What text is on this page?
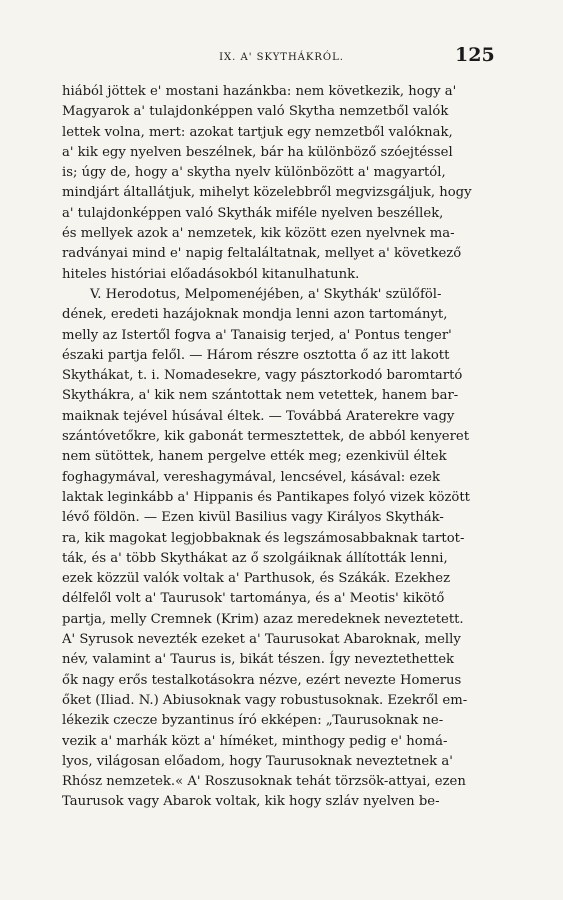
IX. A' SKYTHÁKRÓL.	125
hiából jöttek e' mostani hazánkba: nem következik, hogy a'
Magyarok a' tulajdonképpen való Skytha nemzetből valók
lettek volna, mert: azokat tartjuk egy nemzetből valóknak,
a' kik egy nyelven beszélnek, bár ha különböző szóejtéssel
is; úgy de, hogy a' skytha nyelv különbözött a' magyartól,
mindjárt általlátjuk, mihelyt közelebbről megvizsgáljuk, hogy
a' tulajdonképpen való Skythák miféle nyelven beszéllek,
és mellyek azok a' nemzetek, kik között ezen nyelvnek ma-
radványai mind e' napig feltaláltatnak, mellyet a' következő
hiteles históriai előadásokból kitanulhatunk.
V. Herodotus, Melpomenéjében, a' Skythák' szülőföl-
dének, eredeti hazájoknak mondja lenni azon tartományt,
melly az Istertől fogva a' Tanaisig terjed, a' Pontus tenger'
északi partja felől. — Három részre osztotta ő az itt lakott
Skythákat, t. i. Nomadesekre, vagy pásztorkodó baromtartó
Skythákra, a' kik nem szántottak nem vetettek, hanem bar-
maiknak tejével húsával éltek. — Továbbá Araterekre vagy
szántóvetőkre, kik gabonát termesztettek, de abból kenyeret
nem sütöttek, hanem pergelve ették meg; ezenkivül éltek
foghagymával, vereshagymával, lencsével, kásával: ezek
laktak leginkább a' Hippanis és Pantikapes folyó vizek között
lévő földön. — Ezen kivül Basilius vagy Királyos Skythák-
ra, kik magokat legjobbaknak és legszámosabbaknak tartot-
ták, és a' több Skythákat az ő szolgáiknak állították lenni,
ezek közzül valók voltak a' Parthusok, és Szákák. Ezekhez
délfelől volt a' Taurusok' tartománya, és a' Meotis' kikötő
partja, melly Cremnek (Krim) azaz meredeknek neveztetett.
A' Syrusok nevezték ezeket a' Taurusokat Abaroknak, melly
név, valamint a' Taurus is, bikát tészen. Így neveztethettek
ők nagy erős testalkotásokra nézve, ezért nevezte Homerus
őket (Iliad. N.) Abiusoknak vagy robustusoknak. Ezekről em-
lékezik czecze byzantinus író ekképen: „Taurusoknak ne-
vezik a' marhák közt a' híméket, minthogy pedig e' homá-
lyos, világosan előadom, hogy Taurusoknak neveztetnek a'
Rhósz nemzetek.« A' Roszusoknak tehát törzsök-attyai, ezen
Taurusok vagy Abarok voltak, kik hogy szláv nyelven be-
